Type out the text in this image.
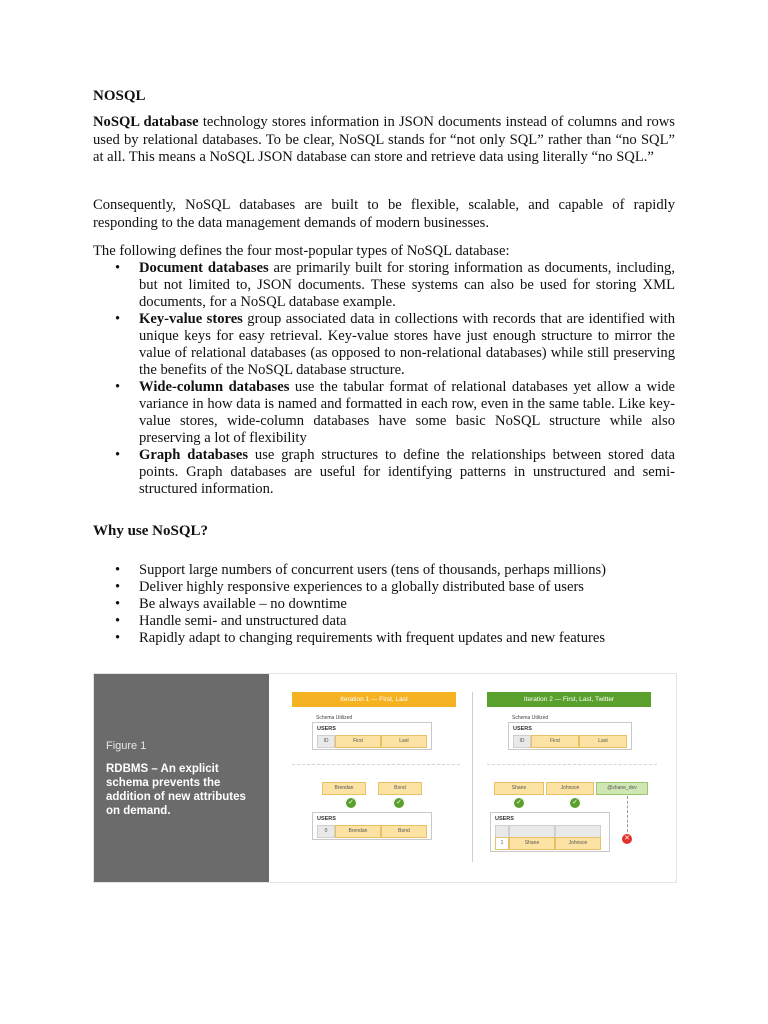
NOSQL
NoSQL database technology stores information in JSON documents instead of columns and rows used by relational databases. To be clear, NoSQL stands for “not only SQL” rather than “no SQL” at all. This means a NoSQL JSON database can store and retrieve data using literally “no SQL.”
Consequently, NoSQL databases are built to be flexible, scalable, and capable of rapidly responding to the data management demands of modern businesses.
The following defines the four most-popular types of NoSQL database:
• Document databases are primarily built for storing information as documents, including, but not limited to, JSON documents. These systems can also be used for storing XML documents, for a NoSQL database example.
• Key-value stores group associated data in collections with records that are identified with unique keys for easy retrieval. Key-value stores have just enough structure to mirror the value of relational databases (as opposed to non-relational databases) while still preserving the benefits of the NoSQL database structure.
• Wide-column databases use the tabular format of relational databases yet allow a wide variance in how data is named and formatted in each row, even in the same table. Like key-value stores, wide-column databases have some basic NoSQL structure while also preserving a lot of flexibility
• Graph databases use graph structures to define the relationships between stored data points. Graph databases are useful for identifying patterns in unstructured and semi-structured information.
Why use NoSQL?
• Support large numbers of concurrent users (tens of thousands, perhaps millions)
• Deliver highly responsive experiences to a globally distributed base of users
• Be always available – no downtime
• Handle semi- and unstructured data
• Rapidly adapt to changing requirements with frequent updates and new features
Figure 1
RDBMS – An explicit schema prevents the addition of new attributes on demand.
Iteration 1 — First, Last
Schema Utilized
USERS
ID	First	Last
Brendan	Bond
✓	✓
USERS
0	Brendan	Bond
Iteration 2 — First, Last, Twitter
Schema Utilized
USERS
ID	First	Last
Shane	Johnson	@shane_dev
✓	✓
USERS
1	Shane	Johnson
✕
